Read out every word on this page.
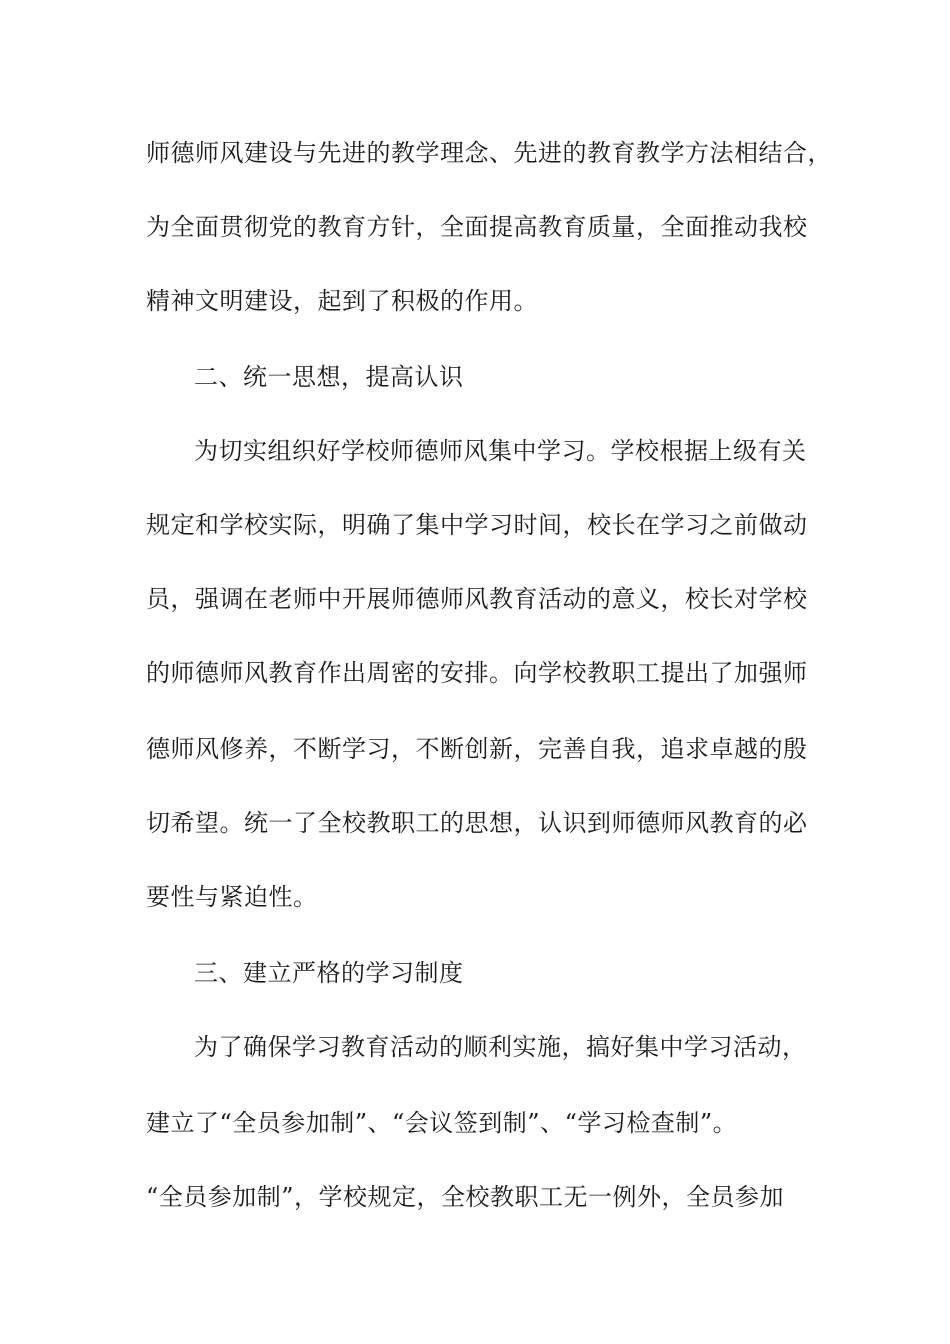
师德师风建设与先进的教学理念、先进的教育教学方法相结合，
为全面贯彻党的教育方针，全面提高教育质量，全面推动我校
精神文明建设，起到了积极的作用。
二、统一思想，提高认识
为切实组织好学校师德师风集中学习。学校根据上级有关
规定和学校实际，明确了集中学习时间，校长在学习之前做动
员，强调在老师中开展师德师风教育活动的意义，校长对学校
的师德师风教育作出周密的安排。向学校教职工提出了加强师
德师风修养，不断学习，不断创新，完善自我，追求卓越的殷
切希望。统一了全校教职工的思想，认识到师德师风教育的必
要性与紧迫性。
三、建立严格的学习制度
为了确保学习教育活动的顺利实施，搞好集中学习活动，
建立了“全员参加制”、“会议签到制”、“学习检查制”。
“全员参加制”，学校规定，全校教职工无一例外，全员参加
